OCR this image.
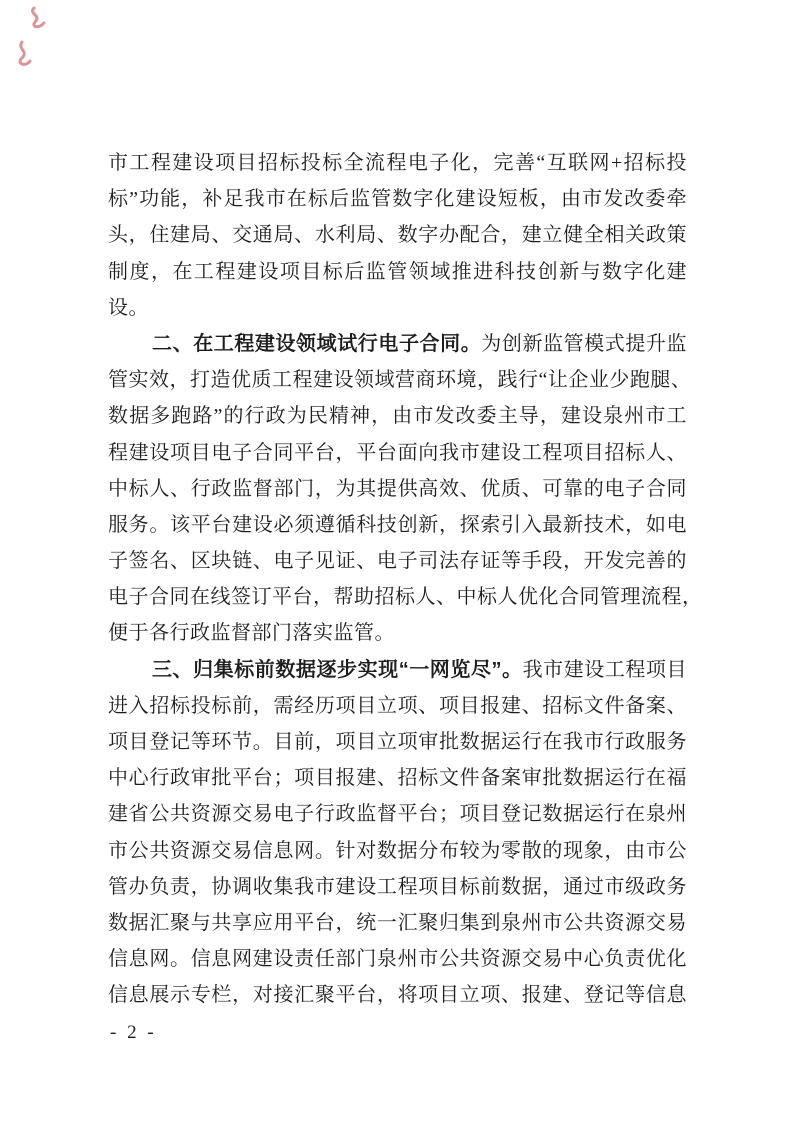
市工程建设项目招标投标全流程电子化，完善“互联网+招标投
标”功能，补足我市在标后监管数字化建设短板，由市发改委牵
头，住建局、交通局、水利局、数字办配合，建立健全相关政策
制度，在工程建设项目标后监管领域推进科技创新与数字化建
设。
二、在工程建设领域试行电子合同。为创新监管模式提升监
管实效，打造优质工程建设领域营商环境，践行“让企业少跑腿、
数据多跑路”的行政为民精神，由市发改委主导，建设泉州市工
程建设项目电子合同平台，平台面向我市建设工程项目招标人、
中标人、行政监督部门，为其提供高效、优质、可靠的电子合同
服务。该平台建设必须遵循科技创新，探索引入最新技术，如电
子签名、区块链、电子见证、电子司法存证等手段，开发完善的
电子合同在线签订平台，帮助招标人、中标人优化合同管理流程，
便于各行政监督部门落实监管。
三、归集标前数据逐步实现“一网览尽”。我市建设工程项目
进入招标投标前，需经历项目立项、项目报建、招标文件备案、
项目登记等环节。目前，项目立项审批数据运行在我市行政服务
中心行政审批平台；项目报建、招标文件备案审批数据运行在福
建省公共资源交易电子行政监督平台；项目登记数据运行在泉州
市公共资源交易信息网。针对数据分布较为零散的现象，由市公
管办负责，协调收集我市建设工程项目标前数据，通过市级政务
数据汇聚与共享应用平台，统一汇聚归集到泉州市公共资源交易
信息网。信息网建设责任部门泉州市公共资源交易中心负责优化
信息展示专栏，对接汇聚平台，将项目立项、报建、登记等信息
- 2 -
